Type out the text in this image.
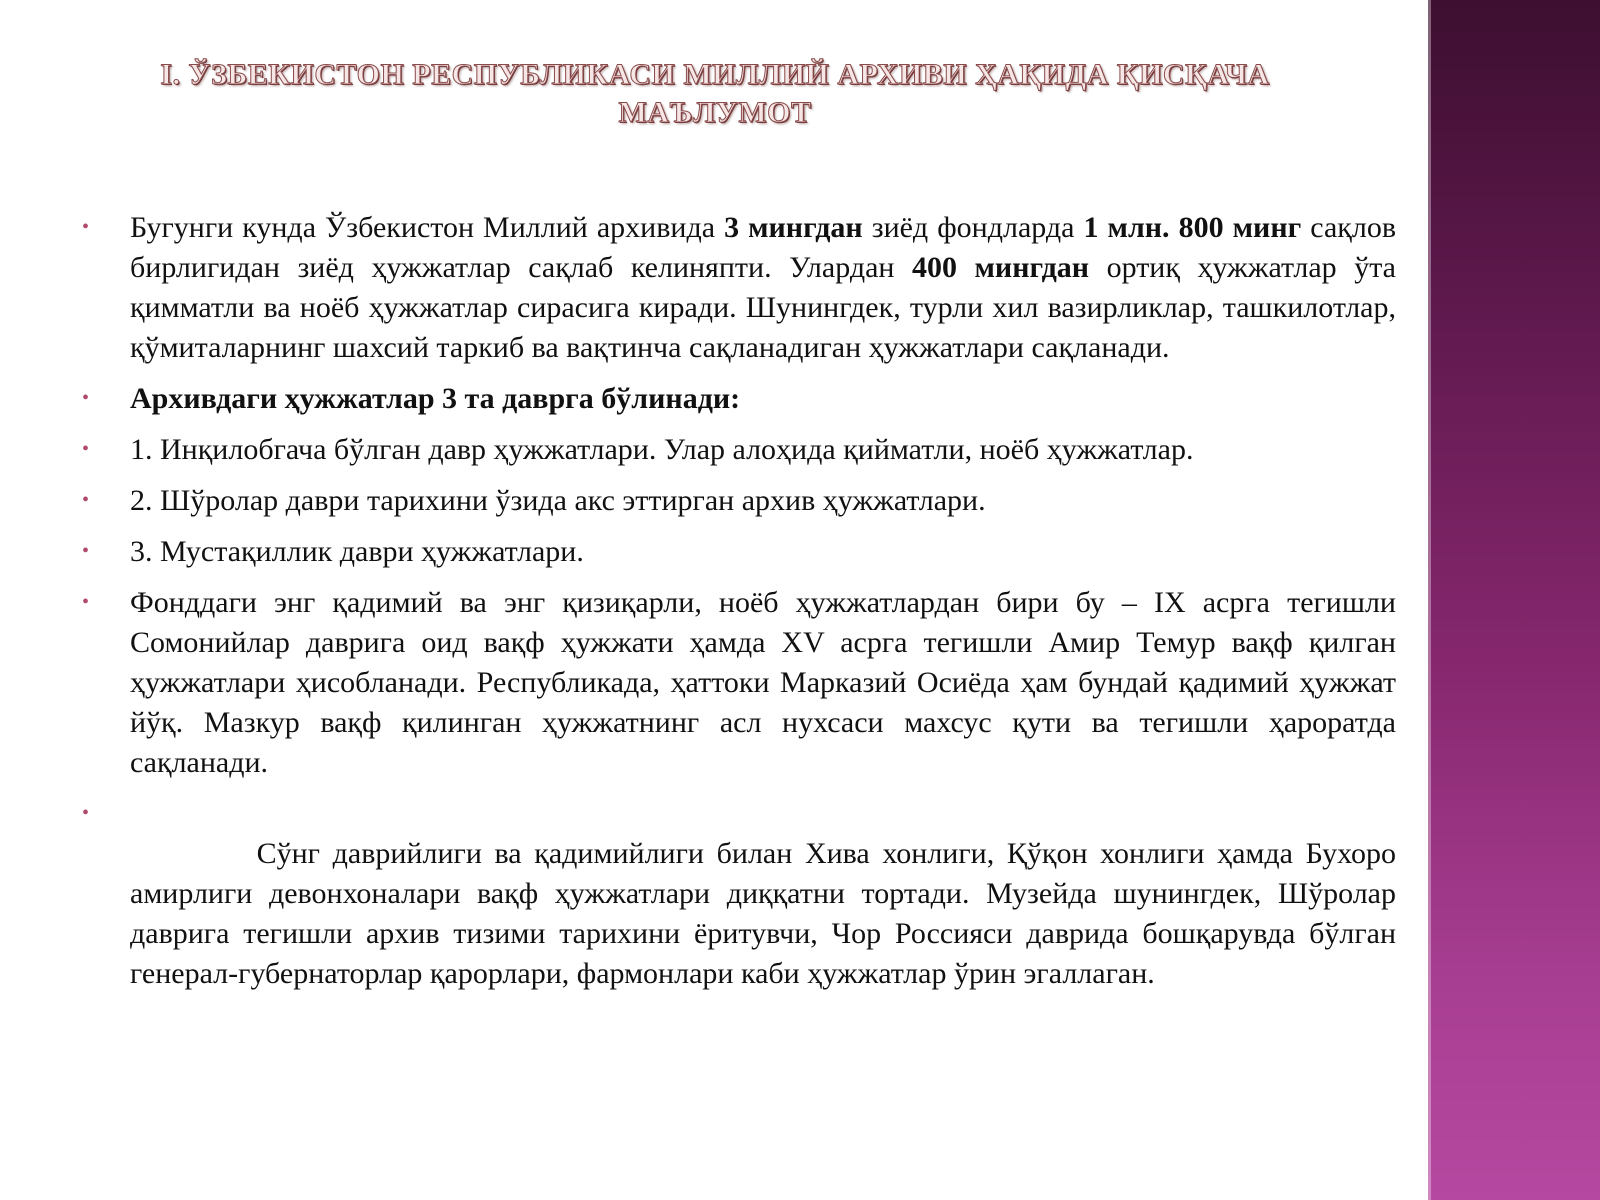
I. ЎЗБЕКИСТОН РЕСПУБЛИКАСИ МИЛЛИЙ АРХИВИ ҲАҚИДА ҚИСҚАЧА
МАЪЛУМОТ
• Бугунги кунда Ўзбекистон Миллий архивида 3 мингдан зиёд фондларда 1 млн. 800 минг сақлов бирлигидан зиёд ҳужжатлар сақлаб келиняпти. Улардан 400 мингдан ортиқ ҳужжатлар ўта қимматли ва ноёб ҳужжатлар сирасига киради. Шунингдек, турли хил вазирликлар, ташкилотлар, қўмиталарнинг шахсий таркиб ва вақтинча сақланадиган ҳужжатлари сақланади.
• Архивдаги ҳужжатлар 3 та даврга бўлинади:
• 1. Инқилобгача бўлган давр ҳужжатлари. Улар алоҳида қийматли, ноёб ҳужжатлар.
• 2. Шўролар даври тарихини ўзида акс эттирган архив ҳужжатлари.
• 3. Мустақиллик даври ҳужжатлари.
• Фонддаги энг қадимий ва энг қизиқарли, ноёб ҳужжатлардан бири бу – IX асрга тегишли Сомонийлар даврига оид вақф ҳужжати ҳамда XV асрга тегишли Амир Темур вақф қилган ҳужжатлари ҳисобланади. Республикада, ҳаттоки Марказий Осиёда ҳам бундай қадимий ҳужжат йўқ. Мазкур вақф қилинган ҳужжатнинг асл нухсаси махсус қути ва тегишли ҳароратда сақланади.

•
Сўнг даврийлиги ва қадимийлиги билан Хива хонлиги, Қўқон хонлиги ҳамда Бухоро амирлиги девонхоналари вақф ҳужжатлари диққатни тортади. Музейда шунингдек, Шўролар даврига тегишли архив тизими тарихини ёритувчи, Чор Россияси даврида бошқарувда бўлган генерал-губернаторлар қарорлари, фармонлари каби ҳужжатлар ўрин эгаллаган.
